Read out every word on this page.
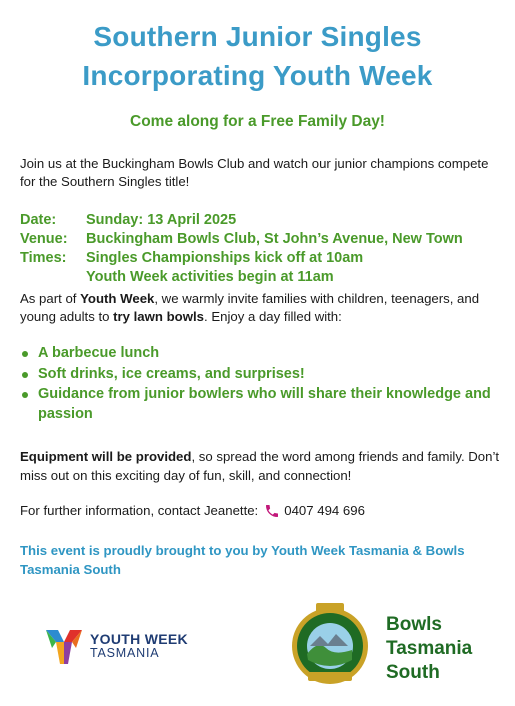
Southern Junior Singles
Incorporating Youth Week
Come along for a Free Family Day!
Join us at the Buckingham Bowls Club and watch our junior champions compete for the Southern Singles title!
Date:	Sunday: 13 April 2025
Venue:	Buckingham Bowls Club, St John’s Avenue, New Town
Times:	Singles Championships kick off at 10am
Youth Week activities begin at 11am
As part of Youth Week, we warmly invite families with children, teenagers, and young adults to try lawn bowls. Enjoy a day filled with:
A barbecue lunch
Soft drinks, ice creams, and surprises!
Guidance from junior bowlers who will share their knowledge and passion
Equipment will be provided, so spread the word among friends and family. Don’t miss out on this exciting day of fun, skill, and connection!
For further information, contact Jeanette: 0407 494 696
This event is proudly brought to you by Youth Week Tasmania & Bowls Tasmania South
YOUTH WEEK
TASMANIA
Bowls
Tasmania
South
